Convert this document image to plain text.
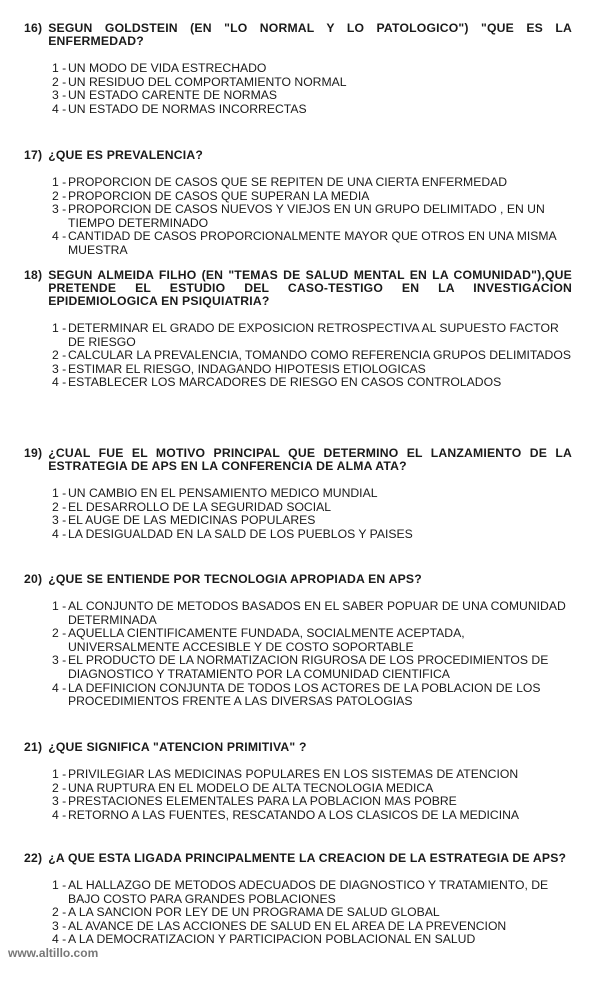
16) SEGUN GOLDSTEIN (EN "LO NORMAL Y LO PATOLOGICO") "QUE ES LA ENFERMEDAD?
1 - UN MODO DE VIDA ESTRECHADO
2 - UN RESIDUO DEL COMPORTAMIENTO NORMAL
3 - UN ESTADO CARENTE DE NORMAS
4 - UN ESTADO DE NORMAS INCORRECTAS
17) ¿QUE ES PREVALENCIA?
1 - PROPORCION DE CASOS QUE SE REPITEN DE UNA CIERTA ENFERMEDAD
2 - PROPORCION DE CASOS QUE SUPERAN LA MEDIA
3 - PROPORCION DE CASOS NUEVOS Y VIEJOS EN UN GRUPO DELIMITADO , EN UN TIEMPO DETERMINADO
4 - CANTIDAD DE CASOS PROPORCIONALMENTE MAYOR QUE OTROS EN UNA MISMA MUESTRA
18) SEGUN ALMEIDA FILHO (EN "TEMAS DE SALUD MENTAL EN LA COMUNIDAD"),QUE PRETENDE EL ESTUDIO DEL CASO-TESTIGO EN LA INVESTIGACION EPIDEMIOLOGICA EN PSIQUIATRIA?
1 - DETERMINAR EL GRADO DE EXPOSICION RETROSPECTIVA AL SUPUESTO FACTOR DE RIESGO
2 - CALCULAR LA PREVALENCIA, TOMANDO COMO REFERENCIA GRUPOS DELIMITADOS
3 - ESTIMAR EL RIESGO, INDAGANDO HIPOTESIS ETIOLOGICAS
4 - ESTABLECER LOS MARCADORES DE RIESGO EN CASOS CONTROLADOS
19) ¿CUAL FUE EL MOTIVO PRINCIPAL QUE DETERMINO EL LANZAMIENTO DE LA ESTRATEGIA DE APS EN LA CONFERENCIA DE ALMA ATA?
1 - UN CAMBIO EN EL PENSAMIENTO MEDICO MUNDIAL
2 - EL DESARROLLO DE LA SEGURIDAD SOCIAL
3 - EL AUGE DE LAS MEDICINAS POPULARES
4 - LA DESIGUALDAD EN LA SALD DE LOS PUEBLOS Y PAISES
20) ¿QUE SE ENTIENDE POR TECNOLOGIA APROPIADA EN APS?
1 - AL CONJUNTO DE METODOS BASADOS EN EL SABER POPUAR DE UNA COMUNIDAD DETERMINADA
2 - AQUELLA CIENTIFICAMENTE FUNDADA, SOCIALMENTE ACEPTADA, UNIVERSALMENTE ACCESIBLE Y DE COSTO SOPORTABLE
3 - EL PRODUCTO DE LA NORMATIZACION RIGUROSA DE LOS PROCEDIMIENTOS DE DIAGNOSTICO Y TRATAMIENTO POR LA COMUNIDAD CIENTIFICA
4 - LA DEFINICION CONJUNTA DE TODOS LOS ACTORES DE LA POBLACION DE LOS PROCEDIMIENTOS FRENTE A LAS DIVERSAS PATOLOGIAS
21) ¿QUE SIGNIFICA "ATENCION PRIMITIVA" ?
1 - PRIVILEGIAR LAS MEDICINAS POPULARES EN LOS SISTEMAS DE ATENCION
2 - UNA RUPTURA EN EL MODELO DE ALTA TECNOLOGIA MEDICA
3 - PRESTACIONES ELEMENTALES PARA LA POBLACION MAS POBRE
4 - RETORNO A LAS FUENTES, RESCATANDO A LOS CLASICOS DE LA MEDICINA
22) ¿A QUE ESTA LIGADA PRINCIPALMENTE LA CREACION DE LA ESTRATEGIA DE APS?
1 - AL HALLAZGO DE METODOS ADECUADOS DE DIAGNOSTICO Y TRATAMIENTO, DE BAJO COSTO PARA GRANDES POBLACIONES
2 - A LA SANCION POR LEY DE UN PROGRAMA DE SALUD GLOBAL
3 - AL AVANCE DE LAS ACCIONES DE SALUD EN EL AREA DE LA PREVENCION
4 - A LA DEMOCRATIZACION Y PARTICIPACION POBLACIONAL EN SALUD
www.altillo.com
